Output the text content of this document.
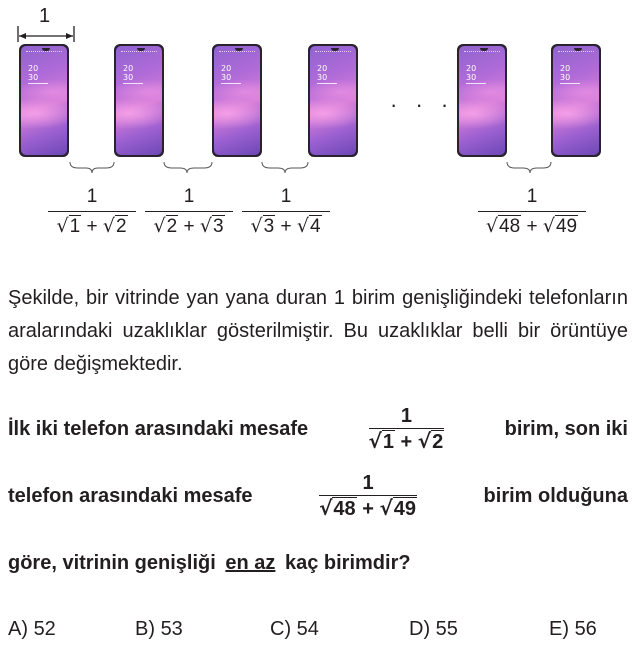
1
20
30
20
30
20
30
20
30
· · ·
20
30
20
30
1
√1 + √2
1
√2 + √3
1
√3 + √4
1
√48 + √49
Şekilde, bir vitrinde yan yana duran 1 birim genişliğindeki telefonların aralarındaki uzaklıklar gösterilmiştir. Bu uzaklıklar belli bir örüntüye göre değişmektedir.
İlk iki telefon arasındaki mesafe	$\frac{1}{√1 + √2}$	birim, son iki
telefon arasındaki mesafe	$\frac{1}{√48 + √49}$	birim olduğuna
göre, vitrinin genişliği en az kaç birimdir?
A) 52	B) 53	C) 54	D) 55	E) 56
